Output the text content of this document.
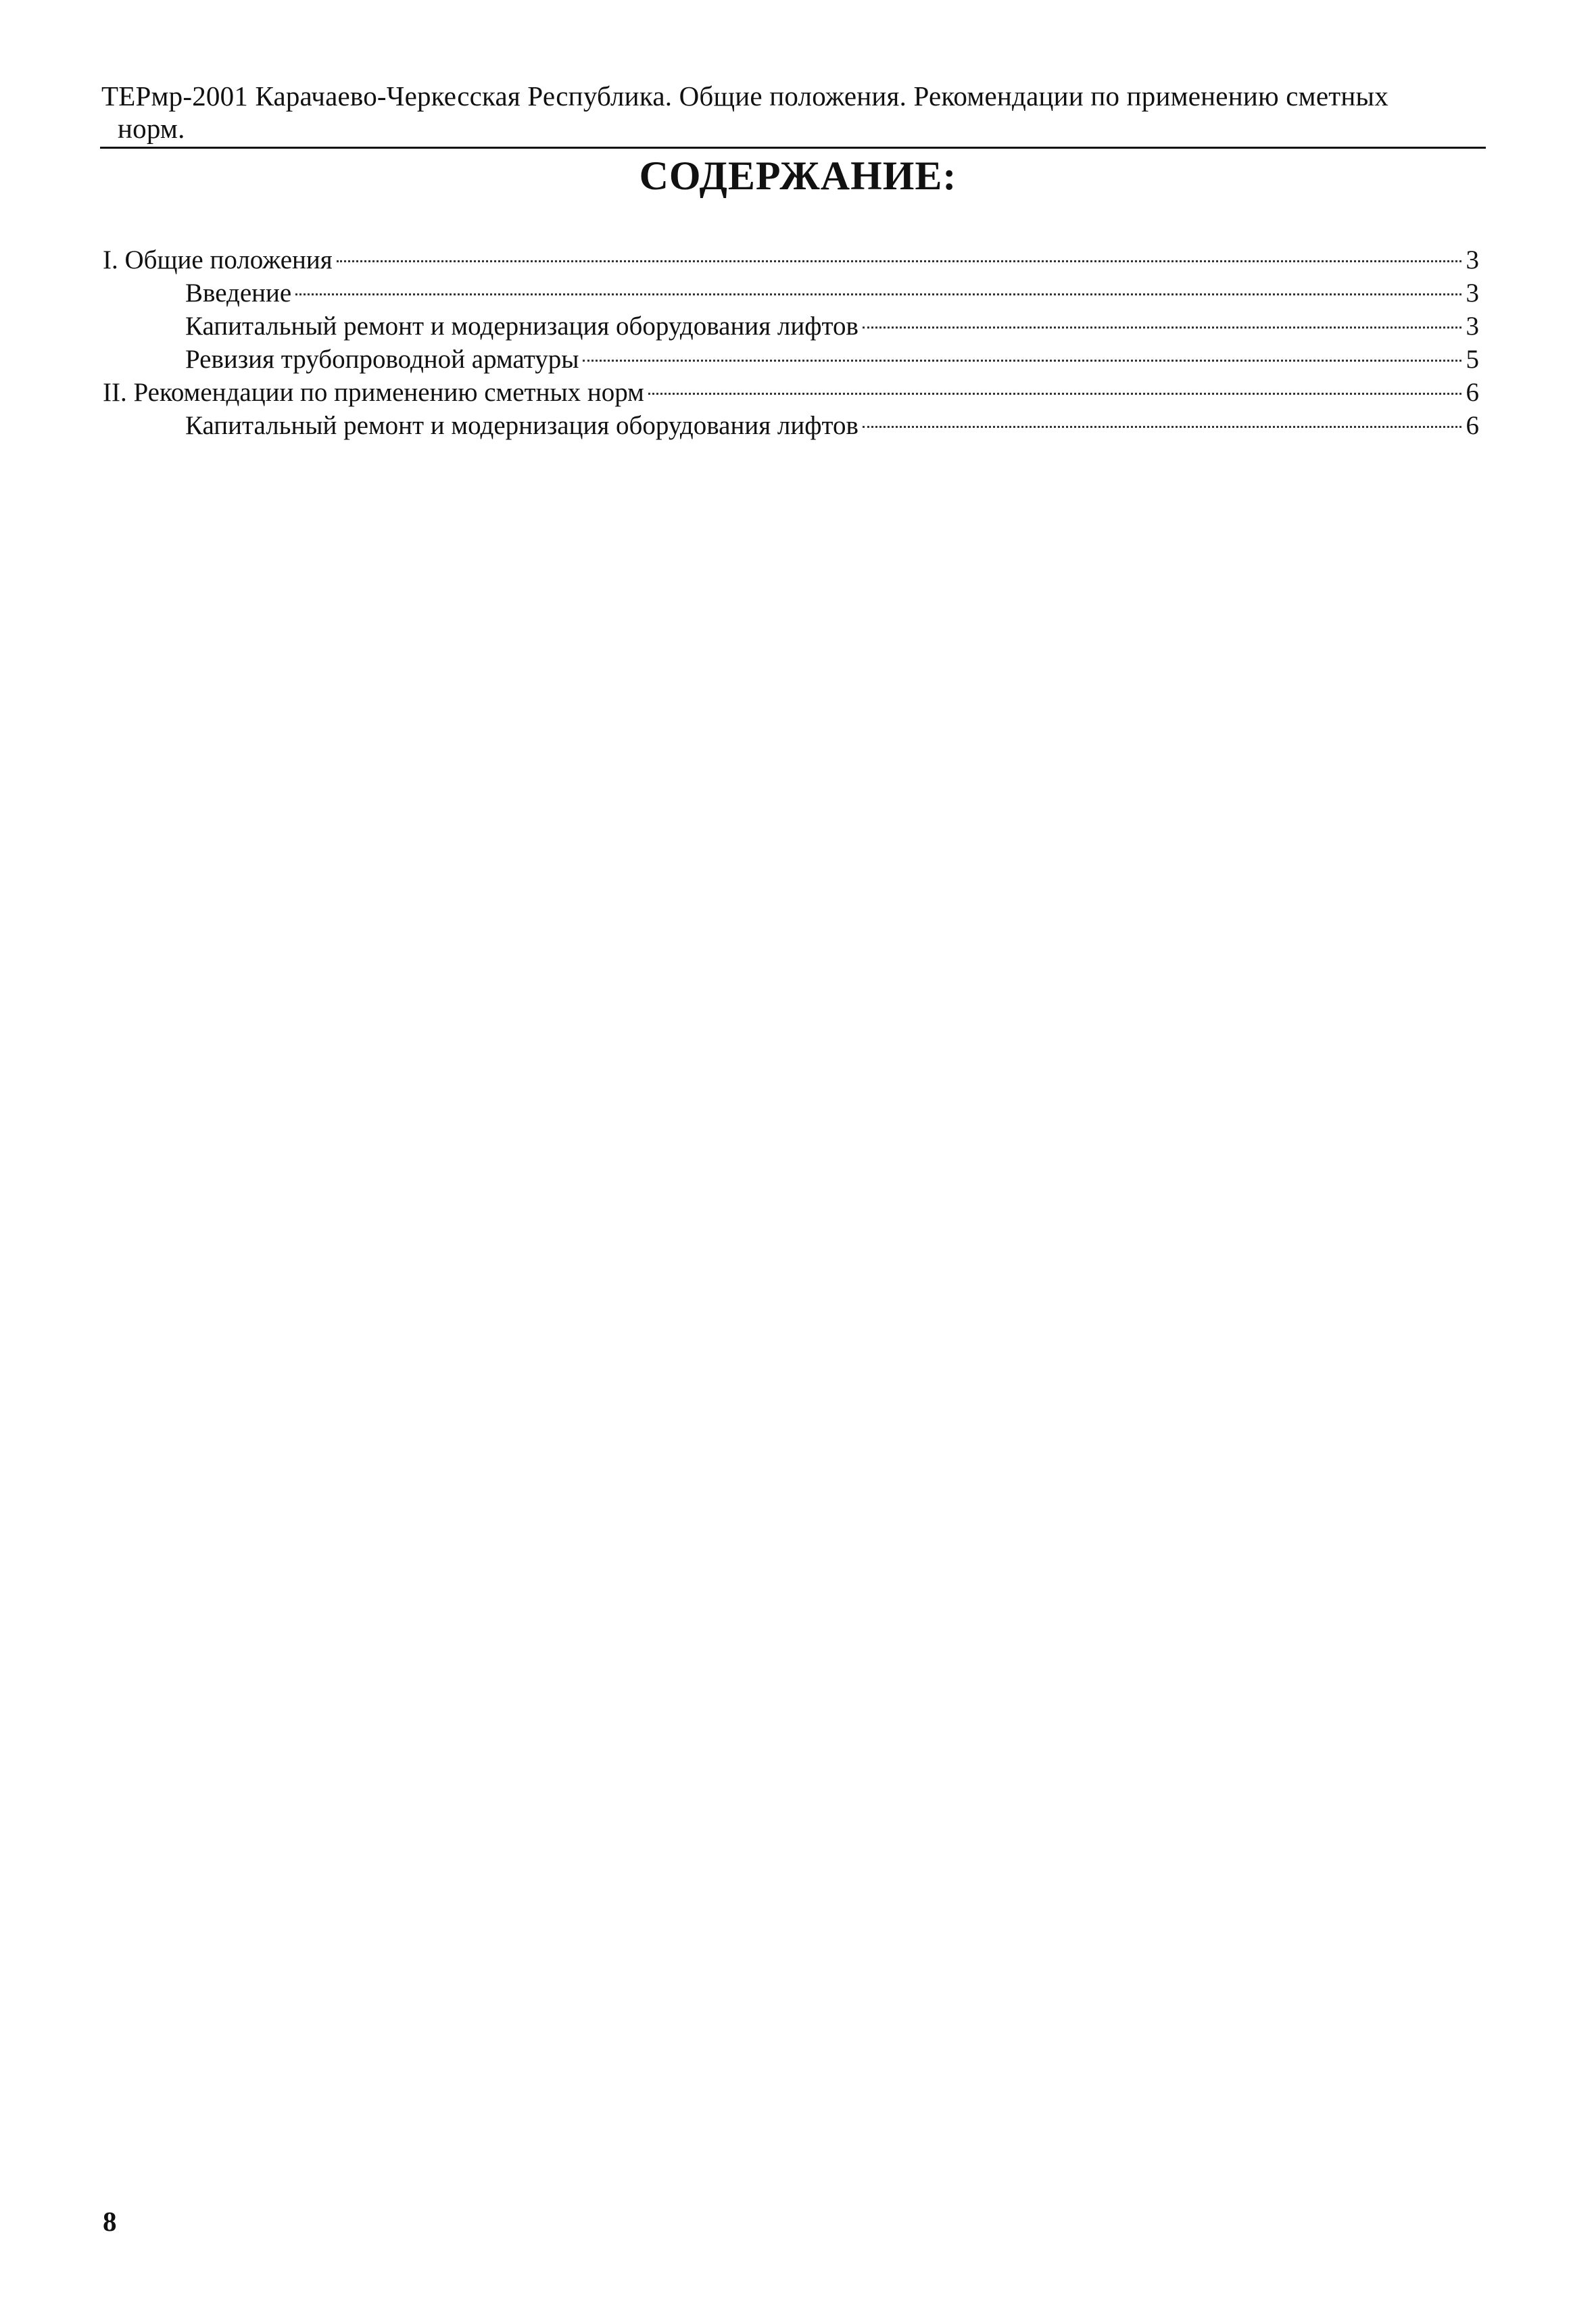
ТЕРмр-2001 Карачаево-Черкесская Республика. Общие положения. Рекомендации по применению сметных
норм.
СОДЕРЖАНИЕ:
I. Общие положения	3
Введение	3
Капитальный ремонт и модернизация оборудования лифтов	3
Ревизия трубопроводной арматуры	5
II. Рекомендации по применению сметных норм	6
Капитальный ремонт и модернизация оборудования лифтов	6
8
